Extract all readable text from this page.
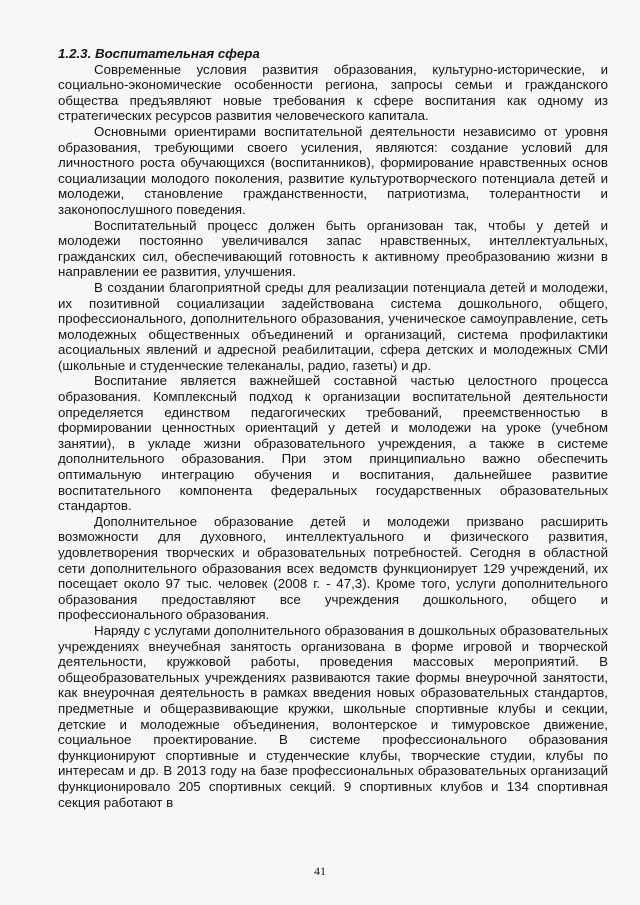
1.2.3. Воспитательная сфера

Современные условия развития образования, культурно-исторические, и социально-экономические особенности региона, запросы семьи и гражданского общества предъявляют новые требования к сфере воспитания как одному из стратегических ресурсов развития человеческого капитала.

Основными ориентирами воспитательной деятельности независимо от уровня образования, требующими своего усиления, являются: создание условий для личностного роста обучающихся (воспитанников), формирование нравственных основ социализации молодого поколения, развитие культуротворческого потенциала детей и молодежи, становление гражданственности, патриотизма, толерантности и законопослушного поведения.

Воспитательный процесс должен быть организован так, чтобы у детей и молодежи постоянно увеличивался запас нравственных, интеллектуальных, гражданских сил, обеспечивающий готовность к активному преобразованию жизни в направлении ее развития, улучшения.

В создании благоприятной среды для реализации потенциала детей и молодежи, их позитивной социализации задействована система дошкольного, общего, профессионального, дополнительного образования, ученическое самоуправление, сеть молодежных общественных объединений и организаций, система профилактики асоциальных явлений и адресной реабилитации, сфера детских и молодежных СМИ (школьные и студенческие телеканалы, радио, газеты) и др.

Воспитание является важнейшей составной частью целостного процесса образования. Комплексный подход к организации воспитательной деятельности определяется единством педагогических требований, преемственностью в формировании ценностных ориентаций у детей и молодежи на уроке (учебном занятии), в укладе жизни образовательного учреждения, а также в системе дополнительного образования. При этом принципиально важно обеспечить оптимальную интеграцию обучения и воспитания, дальнейшее развитие воспитательного компонента федеральных государственных образовательных стандартов.

Дополнительное образование детей и молодежи призвано расширить возможности для духовного, интеллектуального и физического развития, удовлетворения творческих и образовательных потребностей. Сегодня в областной сети дополнительного образования всех ведомств функционирует 129 учреждений, их посещает около 97 тыс. человек (2008 г. - 47,3). Кроме того, услуги дополнительного образования предоставляют все учреждения дошкольного, общего и профессионального образования.

Наряду с услугами дополнительного образования в дошкольных образовательных учреждениях внеучебная занятость организована в форме игровой и творческой деятельности, кружковой работы, проведения массовых мероприятий. В общеобразовательных учреждениях развиваются такие формы внеурочной занятости, как внеурочная деятельность в рамках введения новых образовательных стандартов, предметные и общеразвивающие кружки, школьные спортивные клубы и секции, детские и молодежные объединения, волонтерское и тимуровское движение, социальное проектирование. В системе профессионального образования функционируют спортивные и студенческие клубы, творческие студии, клубы по интересам и др. В 2013 году на базе профессиональных образовательных организаций функционировало 205 спортивных секций. 9 спортивных клубов и 134 спортивная секция работают в

41
